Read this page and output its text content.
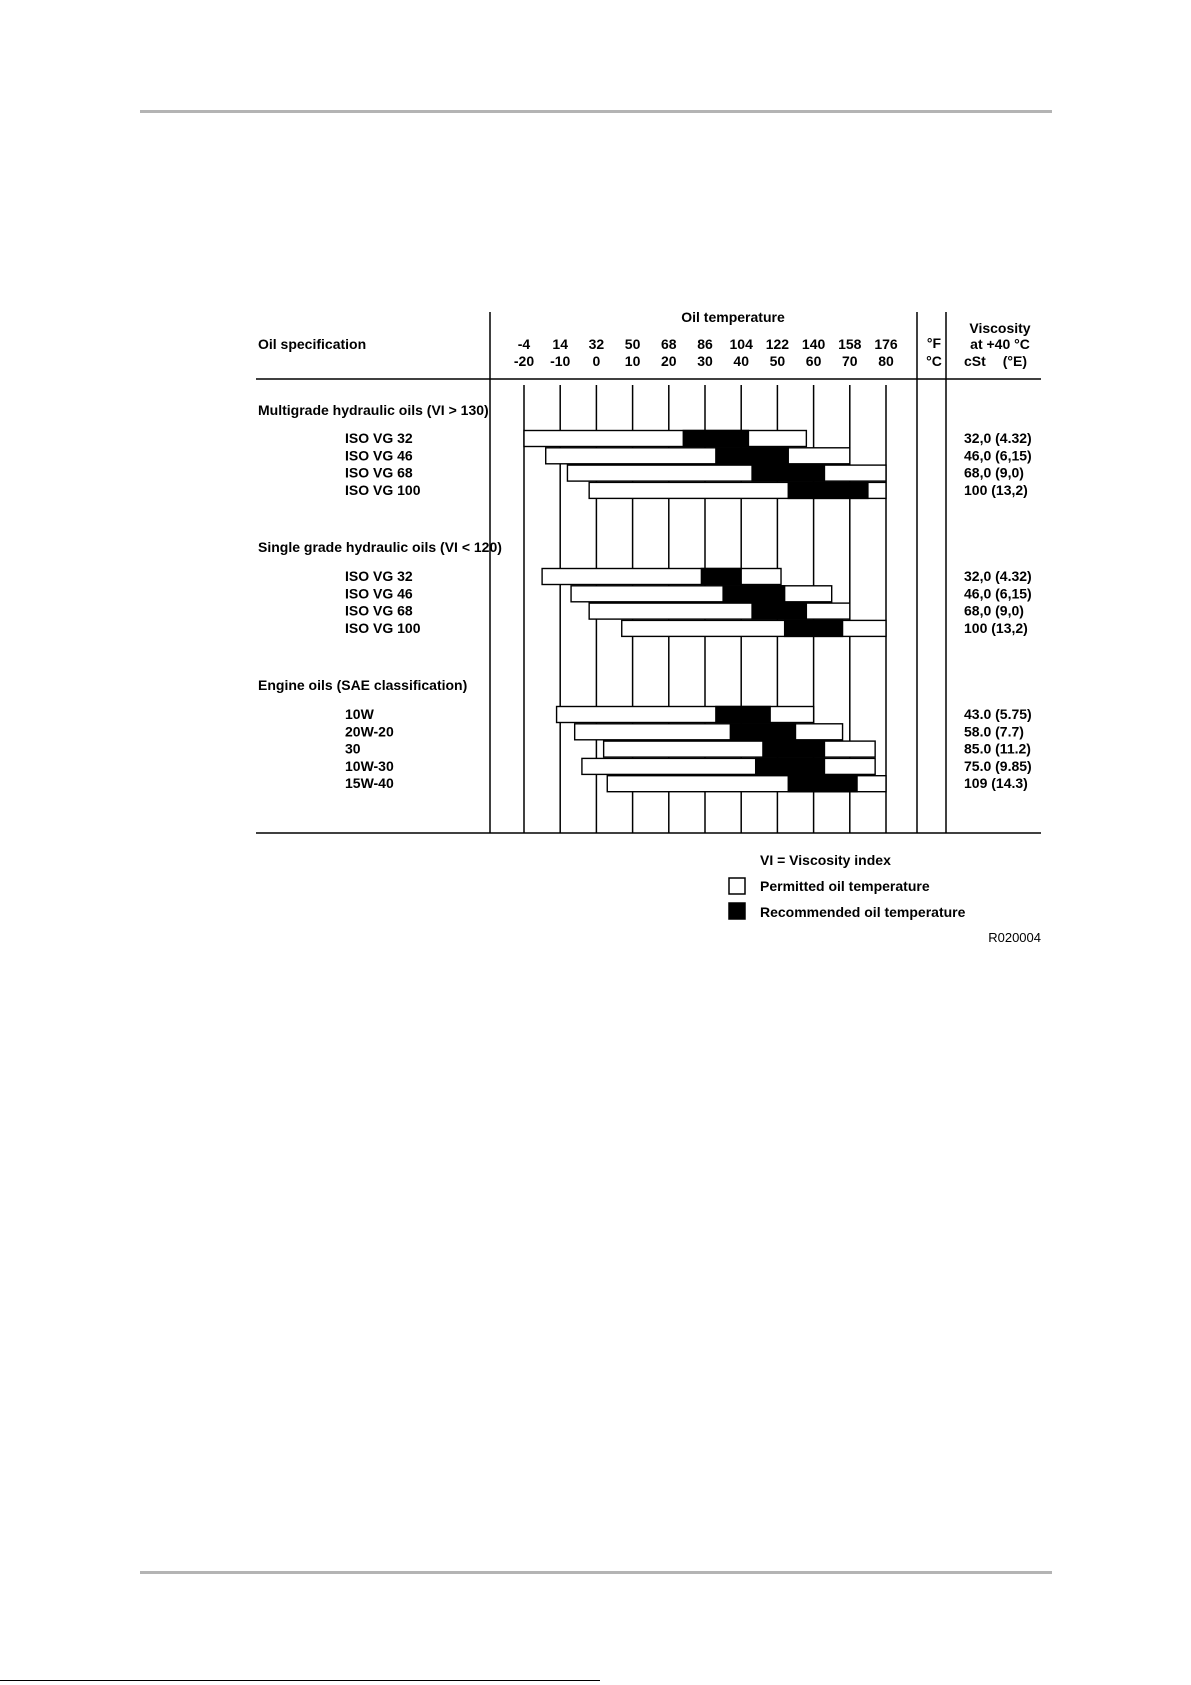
Oil temperature
Oil specification	°F
°C
Viscosity
at +40 °C
cSt (°E)
-4
-20
14
-10
32
0
50
10
68
20
86
30
104
40
122
50
140
60
158
70
176
80
Multigrade hydraulic oils (VI > 130)
ISO VG 32	32,0 (4.32)
ISO VG 46	46,0 (6,15)
ISO VG 68	68,0 (9,0)
ISO VG 100	100 (13,2)
Single grade hydraulic oils (VI < 120)
ISO VG 32	32,0 (4.32)
ISO VG 46	46,0 (6,15)
ISO VG 68	68,0 (9,0)
ISO VG 100	100 (13,2)
Engine oils (SAE classification)
10W	43.0 (5.75)
20W-20	58.0 (7.7)
30	85.0 (11.2)
10W-30	75.0 (9.85)
15W-40	109 (14.3)
VI = Viscosity index
Permitted oil temperature
Recommended oil temperature
R020004
